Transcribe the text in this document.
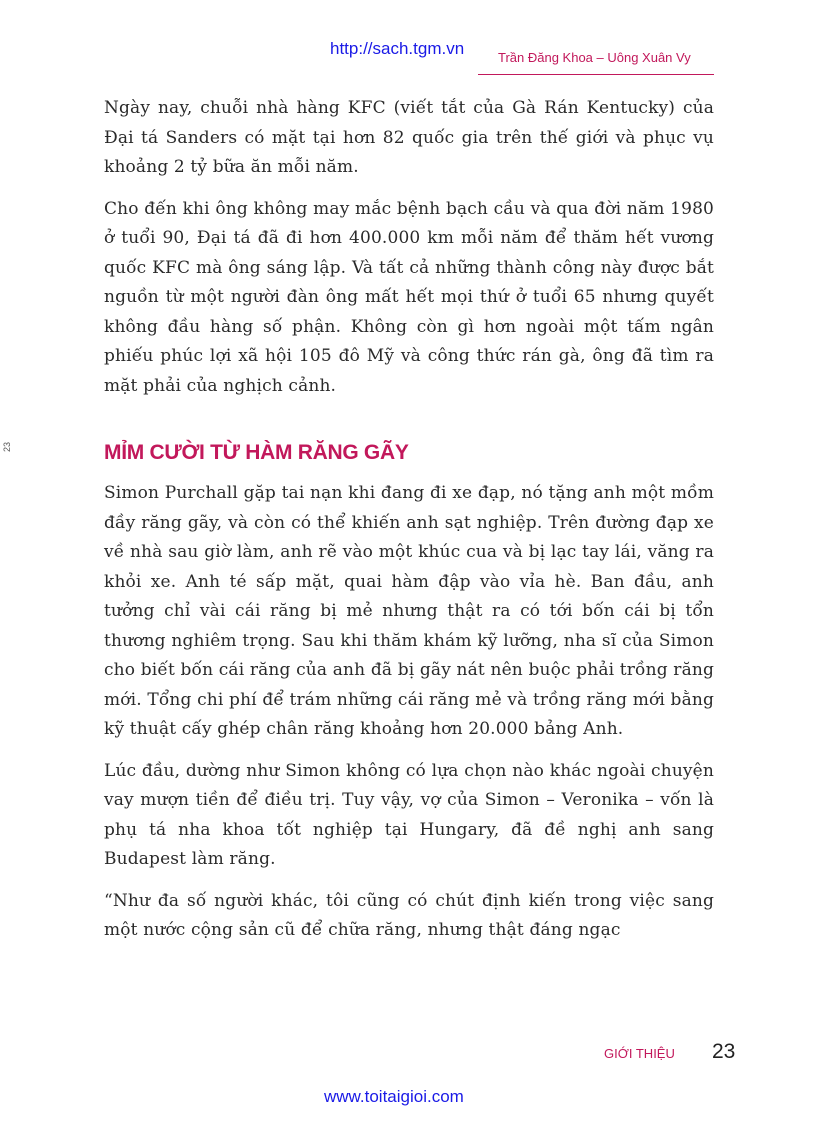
http://sach.tgm.vn	Trần Đăng Khoa – Uông Xuân Vy
23

Ngày nay, chuỗi nhà hàng KFC (viết tắt của Gà Rán Kentucky) của Đại tá Sanders có mặt tại hơn 82 quốc gia trên thế giới và phục vụ khoảng 2 tỷ bữa ăn mỗi năm.

Cho đến khi ông không may mắc bệnh bạch cầu và qua đời năm 1980 ở tuổi 90, Đại tá đã đi hơn 400.000 km mỗi năm để thăm hết vương quốc KFC mà ông sáng lập. Và tất cả những thành công này được bắt nguồn từ một người đàn ông mất hết mọi thứ ở tuổi 65 nhưng quyết không đầu hàng số phận. Không còn gì hơn ngoài một tấm ngân phiếu phúc lợi xã hội 105 đô Mỹ và công thức rán gà, ông đã tìm ra mặt phải của nghịch cảnh.

MỈM CƯỜI TỪ HÀM RĂNG GÃY

Simon Purchall gặp tai nạn khi đang đi xe đạp, nó tặng anh một mồm đầy răng gãy, và còn có thể khiến anh sạt nghiệp. Trên đường đạp xe về nhà sau giờ làm, anh rẽ vào một khúc cua và bị lạc tay lái, văng ra khỏi xe. Anh té sấp mặt, quai hàm đập vào vỉa hè. Ban đầu, anh tưởng chỉ vài cái răng bị mẻ nhưng thật ra có tới bốn cái bị tổn thương nghiêm trọng. Sau khi thăm khám kỹ lưỡng, nha sĩ của Simon cho biết bốn cái răng của anh đã bị gãy nát nên buộc phải trồng răng mới. Tổng chi phí để trám những cái răng mẻ và trồng răng mới bằng kỹ thuật cấy ghép chân răng khoảng hơn 20.000 bảng Anh.

Lúc đầu, dường như Simon không có lựa chọn nào khác ngoài chuyện vay mượn tiền để điều trị. Tuy vậy, vợ của Simon – Veronika – vốn là phụ tá nha khoa tốt nghiệp tại Hungary, đã đề nghị anh sang Budapest làm răng.

“Như đa số người khác, tôi cũng có chút định kiến trong việc sang một nước cộng sản cũ để chữa răng, nhưng thật đáng ngạc

GIỚI THIỆU 23
www.toitaigioi.com
